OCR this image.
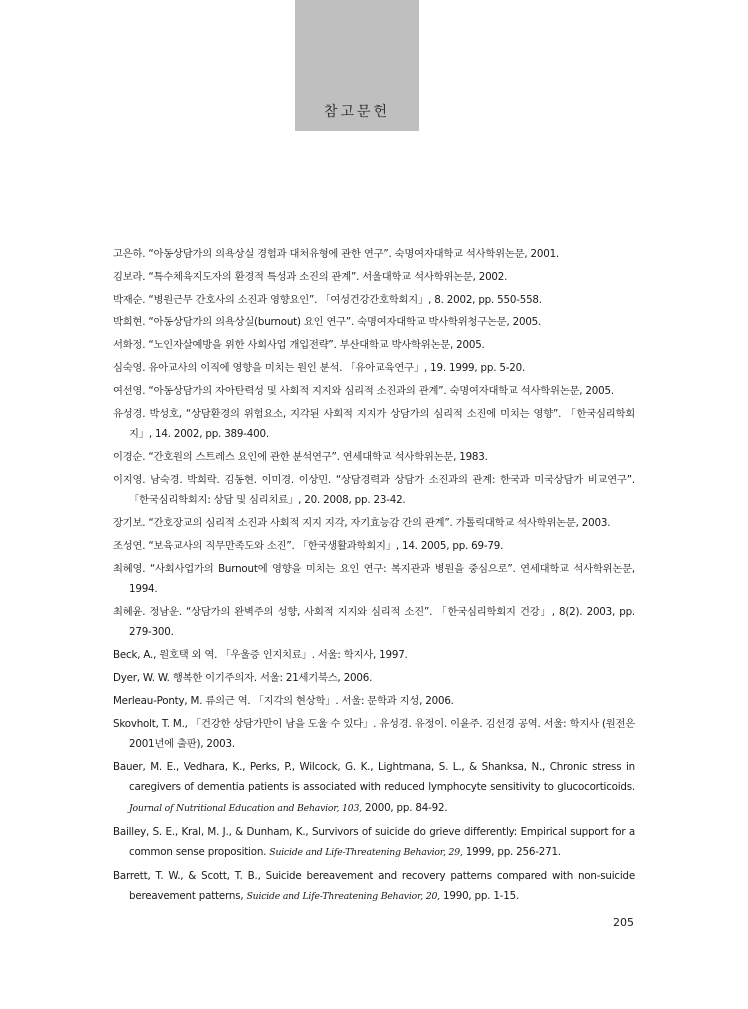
참고문헌
고은하. “아동상담가의 의욕상실 경험과 대처유형에 관한 연구”. 숙명여자대학교 석사학위논문, 2001.
김보라. “특수체육지도자의 환경적 특성과 소진의 관계”. 서울대학교 석사학위논문, 2002.
박재순. “병원근무 간호사의 소진과 영향요인”. 「여성건강간호학회지」, 8. 2002, pp. 550-558.
박희현. “아동상담가의 의욕상실(burnout) 요인 연구”. 숙명여자대학교 박사학위청구논문, 2005.
서화정. “노인자살예방을 위한 사회사업 개입전략”. 부산대학교 박사학위논문, 2005.
심숙영. 유아교사의 이직에 영향을 미치는 원인 분석. 「유아교육연구」, 19. 1999, pp. 5-20.
여선영. “아동상담가의 자아탄력성 및 사회적 지지와 심리적 소진과의 관계”. 숙명여자대학교 석사학위논문, 2005.
유성경. 박성호, “상담환경의 위험요소, 지각된 사회적 지지가 상담가의 심리적 소진에 미치는 영향”. 「한국심리학회지」, 14. 2002, pp. 389-400.
이경순. “간호원의 스트레스 요인에 관한 분석연구”. 연세대학교 석사학위논문, 1983.
이지영. 남숙경. 박희락. 김동현. 이미경. 이상민. “상담경력과 상담가 소진과의 관계: 한국과 미국상담가 비교연구”. 「한국심리학회지: 상담 및 심리치료」, 20. 2008, pp. 23-42.
장기보. “간호장교의 심리적 소진과 사회적 지지 지각, 자기효능감 간의 관계”. 가톨릭대학교 석사학위논문, 2003.
조성연. “보육교사의 직무만족도와 소진”. 「한국생활과학회지」, 14. 2005, pp. 69-79.
최혜영. “사회사업가의 Burnout에 영향을 미치는 요인 연구: 복지관과 병원을 중심으로”. 연세대학교 석사학위논문, 1994.
최혜윤. 정남운. “상담가의 완벽주의 성향, 사회적 지지와 심리적 소진”. 「한국심리학회지 건강」, 8(2). 2003, pp. 279-300.
Beck, A., 원호택 외 역. 「우울증 인지치료」. 서울: 학지사, 1997.
Dyer, W. W. 행복한 이기주의자. 서울: 21세기북스, 2006.
Merleau-Ponty, M. 류의근 역. 「지각의 현상학」. 서울: 문학과 지성, 2006.
Skovholt, T. M., 「건강한 상담가만이 남을 도울 수 있다」. 유성경. 유정이. 이윤주. 김선경 공역. 서울: 학지사 (원전은 2001년에 출판), 2003.
Bauer, M. E., Vedhara, K., Perks, P., Wilcock, G. K., Lightmana, S. L., & Shanksa, N., Chronic stress in caregivers of dementia patients is associated with reduced lymphocyte sensitivity to glucocorticoids. Journal of Nutritional Education and Behavior, 103, 2000, pp. 84-92.
Bailley, S. E., Kral, M. J., & Dunham, K., Survivors of suicide do grieve differently: Empirical support for a common sense proposition. Suicide and Life-Threatening Behavior, 29, 1999, pp. 256-271.
Barrett, T. W., & Scott, T. B., Suicide bereavement and recovery patterns compared with non-suicide bereavement patterns, Suicide and Life-Threatening Behavior, 20, 1990, pp. 1-15.
205
